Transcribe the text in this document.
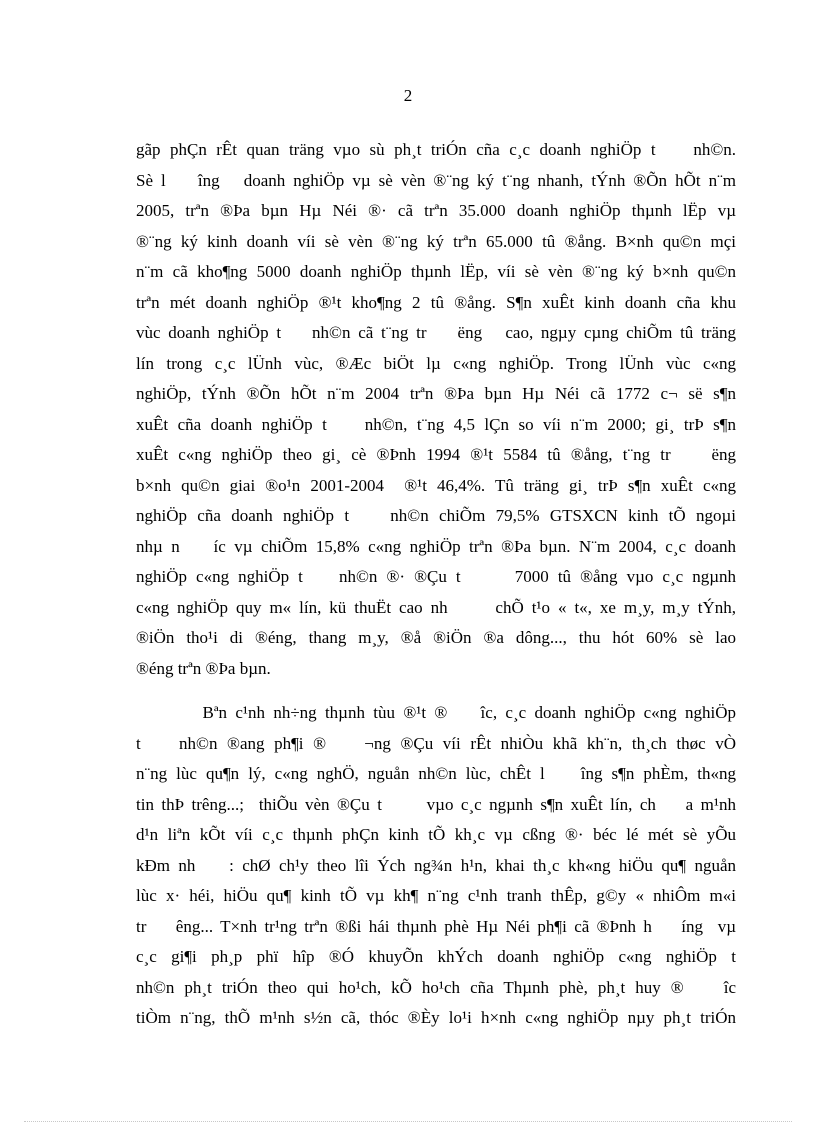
2
gãp phÇn rÊt quan träng vµo sù ph¸t triÓn cña c¸c doanh nghiÖp t    nh©n.
Sè l    îng   doanh nghiÖp vµ sè vèn ®¨ng ký t¨ng nhanh, tÝnh ®Õn hÕt n¨m
2005, trªn ®Þa bµn Hµ Néi ®· cã trªn 35.000 doanh nghiÖp thµnh lËp vµ
®¨ng ký kinh doanh víi sè vèn ®¨ng ký trªn 65.000 tû ®ång. B×nh qu©n mçi
n¨m cã kho¶ng 5000 doanh nghiÖp thµnh lËp, víi sè vèn ®¨ng ký b×nh qu©n
trªn mét doanh nghiÖp ®¹t kho¶ng 2 tû ®ång. S¶n xuÊt kinh doanh cña khu
vùc doanh nghiÖp t    nh©n cã t¨ng tr    ëng   cao, ngµy cµng chiÕm tû träng
lín trong c¸c lÜnh vùc, ®Æc biÖt lµ c«ng nghiÖp. Trong lÜnh vùc c«ng
nghiÖp, tÝnh ®Õn hÕt n¨m 2004 trªn ®Þa bµn Hµ Néi cã 1772 c¬ së s¶n
xuÊt cña doanh nghiÖp t    nh©n, t¨ng 4,5 lÇn so víi n¨m 2000; gi¸ trÞ s¶n
xuÊt c«ng nghiÖp theo gi¸ cè ®Þnh 1994 ®¹t 5584 tû ®ång, t¨ng tr    ëng
b×nh qu©n giai ®o¹n 2001-2004  ®¹t 46,4%. Tû träng gi¸ trÞ s¶n xuÊt c«ng
nghiÖp cña doanh nghiÖp t    nh©n chiÕm 79,5% GTSXCN kinh tÕ ngoµi
nhµ n    íc vµ chiÕm 15,8% c«ng nghiÖp trªn ®Þa bµn. N¨m 2004, c¸c doanh
nghiÖp c«ng nghiÖp t    nh©n ®· ®Çu t      7000 tû ®ång vµo c¸c ngµnh
c«ng nghiÖp quy m« lín, kü thuËt cao nh      chÕ t¹o « t«, xe m¸y, m¸y tÝnh,
®iÖn tho¹i di ®éng, thang m¸y, ®å ®iÖn ®a dông..., thu hót 60% sè lao
®éng trªn ®Þa bµn.
Bªn c¹nh nh÷ng thµnh tùu ®¹t ®    îc, c¸c doanh nghiÖp c«ng nghiÖp
t    nh©n ®ang ph¶i ®    ¬ng ®Çu víi rÊt nhiÒu khã kh¨n, th¸ch thøc vÒ
n¨ng lùc qu¶n lý, c«ng nghÖ, nguån nh©n lùc, chÊt l    îng s¶n phÈm, th«ng
tin thÞ trêng...;  thiÕu vèn ®Çu t      vµo c¸c ngµnh s¶n xuÊt lín, ch    a m¹nh
d¹n liªn kÕt víi c¸c thµnh phÇn kinh tÕ kh¸c vµ cßng ®· béc lé mét sè yÕu
kÐm nh    : chØ ch¹y theo lîi Ých ng¾n h¹n, khai th¸c kh«ng hiÖu qu¶ nguån
lùc x· héi, hiÖu qu¶ kinh tÕ vµ kh¶ n¨ng c¹nh tranh thÊp, g©y « nhiÔm m«i
tr    êng... T×nh tr¹ng trªn ®ßi hái thµnh phè Hµ Néi ph¶i cã ®Þnh h    íng  vµ
c¸c gi¶i ph¸p phï hîp ®Ó khuyÕn khÝch doanh nghiÖp c«ng nghiÖp t
nh©n ph¸t triÓn theo qui ho¹ch, kÕ ho¹ch cña Thµnh phè, ph¸t huy ®    îc
tiÒm n¨ng, thÕ m¹nh s½n cã, thóc ®Èy lo¹i h×nh c«ng nghiÖp nµy ph¸t triÓn
